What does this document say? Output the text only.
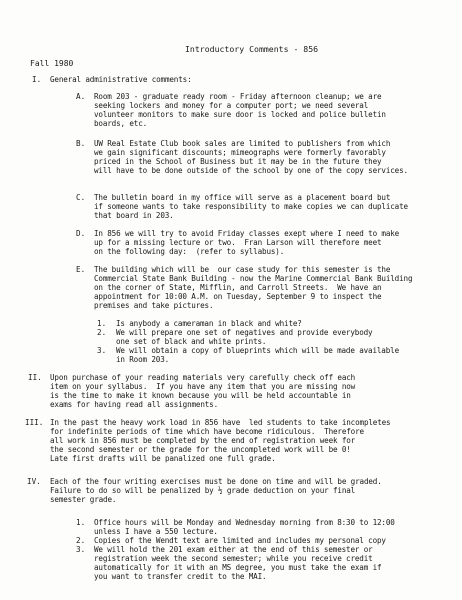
Introductory Comments - 856
Fall 1980
I. General administrative comments:
A. Room 203 - graduate ready room - Friday afternoon cleanup; we are
seeking lockers and money for a computer port; we need several
volunteer monitors to make sure door is locked and police bulletin
boards, etc.
B. UW Real Estate Club book sales are limited to publishers from which
we gain significant discounts; mimeographs were formerly favorably
priced in the School of Business but it may be in the future they
will have to be done outside of the school by one of the copy services.
C. The bulletin board in my office will serve as a placement board but
if someone wants to take responsibility to make copies we can duplicate
that board in 203.
D. In 856 we will try to avoid Friday classes exept where I need to make
up for a missing lecture or two.  Fran Larson will therefore meet
on the following day:  (refer to syllabus).
E. The building which will be  our case study for this semester is the
Commercial State Bank Building - now the Marine Commercial Bank Building
on the corner of State, Mifflin, and Carroll Streets.  We have an
appointment for 10:00 A.M. on Tuesday, September 9 to inspect the
premises and take pictures.
1. Is anybody a cameraman in black and white?
2. We will prepare one set of negatives and provide everybody
one set of black and white prints.
3. We will obtain a copy of blueprints which will be made available
in Room 203.
II. Upon purchase of your reading materials very carefully check off each
item on your syllabus.  If you have any item that you are missing now
is the time to make it known because you will be held accountable in
exams for having read all assignments.
III. In the past the heavy work load in 856 have  led students to take incompletes
for indefinite periods of time which have become ridiculous.  Therefore
all work in 856 must be completed by the end of registration week for
the second semester or the grade for the uncompleted work will be 0!
Late first drafts will be panalized one full grade.
IV. Each of the four writing exercises must be done on time and will be graded.
Failure to do so will be penalized by ½ grade deduction on your final
semester grade.
1. Office hours will be Monday and Wednesday morning from 8:30 to 12:00
unless I have a 550 lecture.
2. Copies of the Wendt text are limited and includes my personal copy
3. We will hold the 201 exam either at the end of this semester or
registration week the second semester; while you receive credit
automatically for it with an MS degree, you must take the exam if
you want to transfer credit to the MAI.
